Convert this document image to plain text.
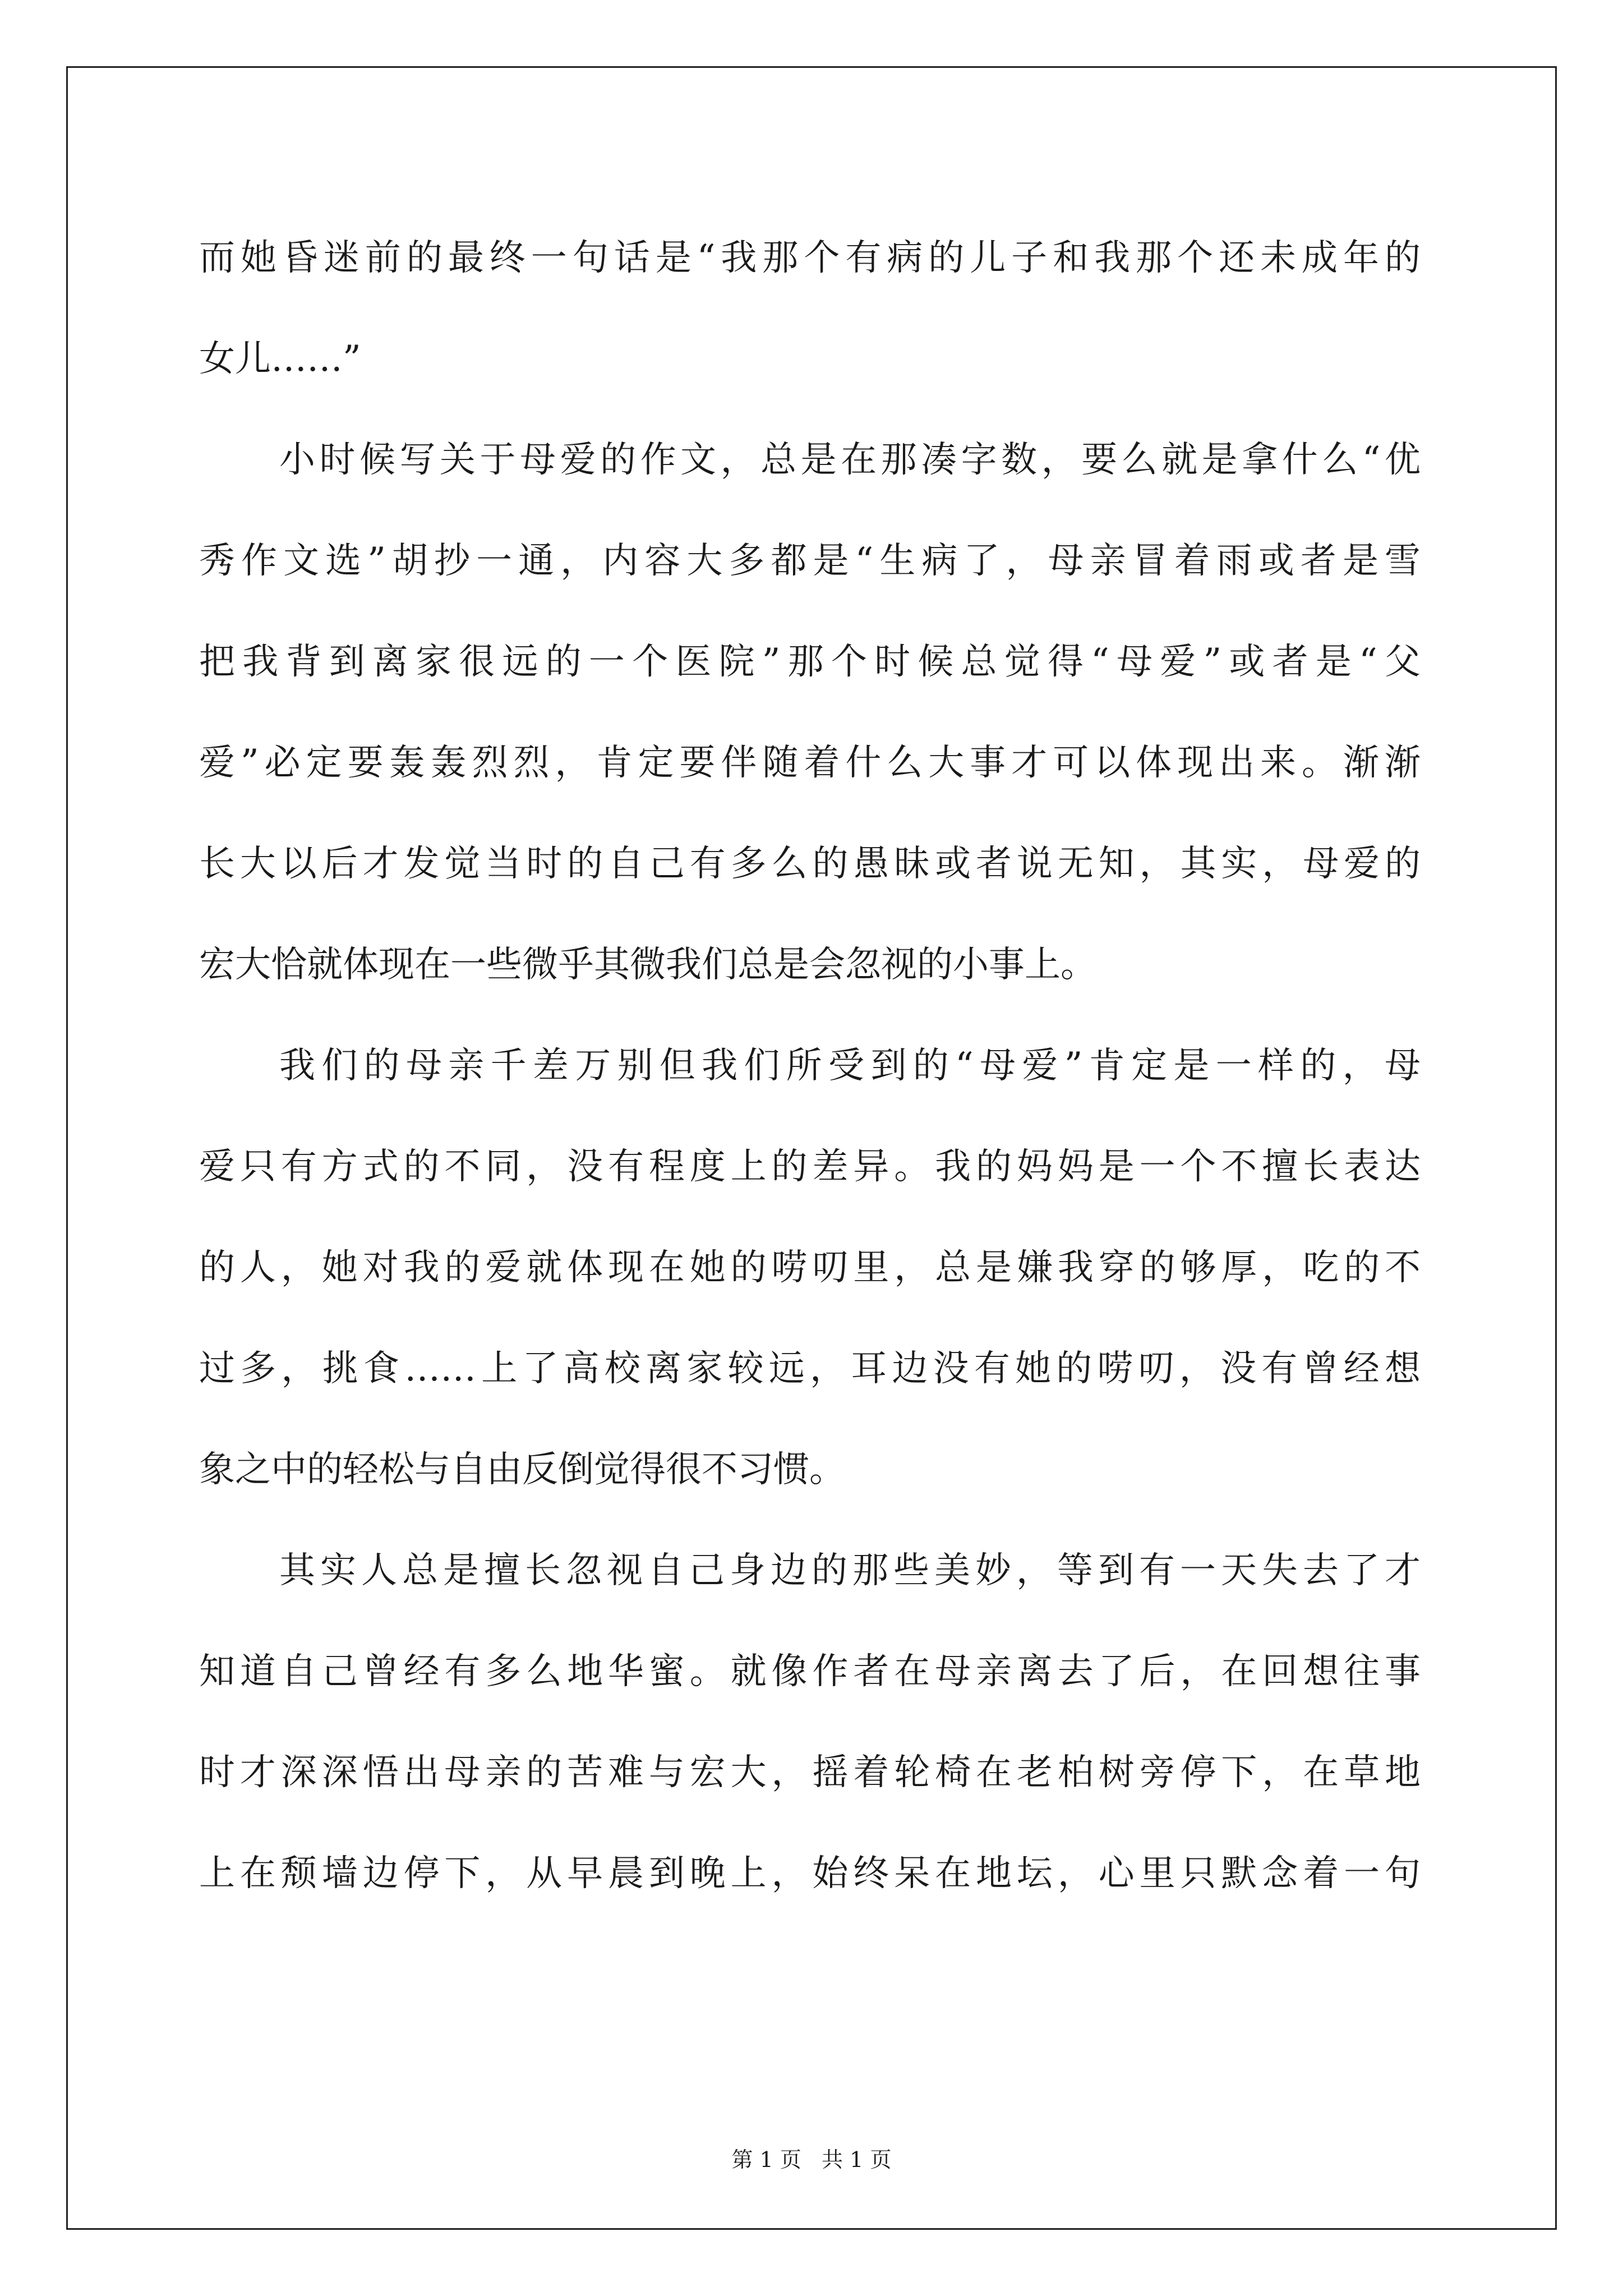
而她昏迷前的最终一句话是“我那个有病的儿子和我那个还未成年的
女儿……”
小时候写关于母爱的作文，总是在那凑字数，要么就是拿什么“优
秀作文选”胡抄一通，内容大多都是“生病了，母亲冒着雨或者是雪
把我背到离家很远的一个医院”那个时候总觉得“母爱”或者是“父
爱”必定要轰轰烈烈，肯定要伴随着什么大事才可以体现出来。渐渐
长大以后才发觉当时的自己有多么的愚昧或者说无知，其实，母爱的
宏大恰就体现在一些微乎其微我们总是会忽视的小事上。
我们的母亲千差万别但我们所受到的“母爱”肯定是一样的，母
爱只有方式的不同，没有程度上的差异。我的妈妈是一个不擅长表达
的人，她对我的爱就体现在她的唠叨里，总是嫌我穿的够厚，吃的不
过多，挑食……上了高校离家较远，耳边没有她的唠叨，没有曾经想
象之中的轻松与自由反倒觉得很不习惯。
其实人总是擅长忽视自己身边的那些美妙，等到有一天失去了才
知道自己曾经有多么地华蜜。就像作者在母亲离去了后，在回想往事
时才深深悟出母亲的苦难与宏大，摇着轮椅在老柏树旁停下，在草地
上在颓墙边停下，从早晨到晚上，始终呆在地坛，心里只默念着一句
第 1 页   共 1 页
